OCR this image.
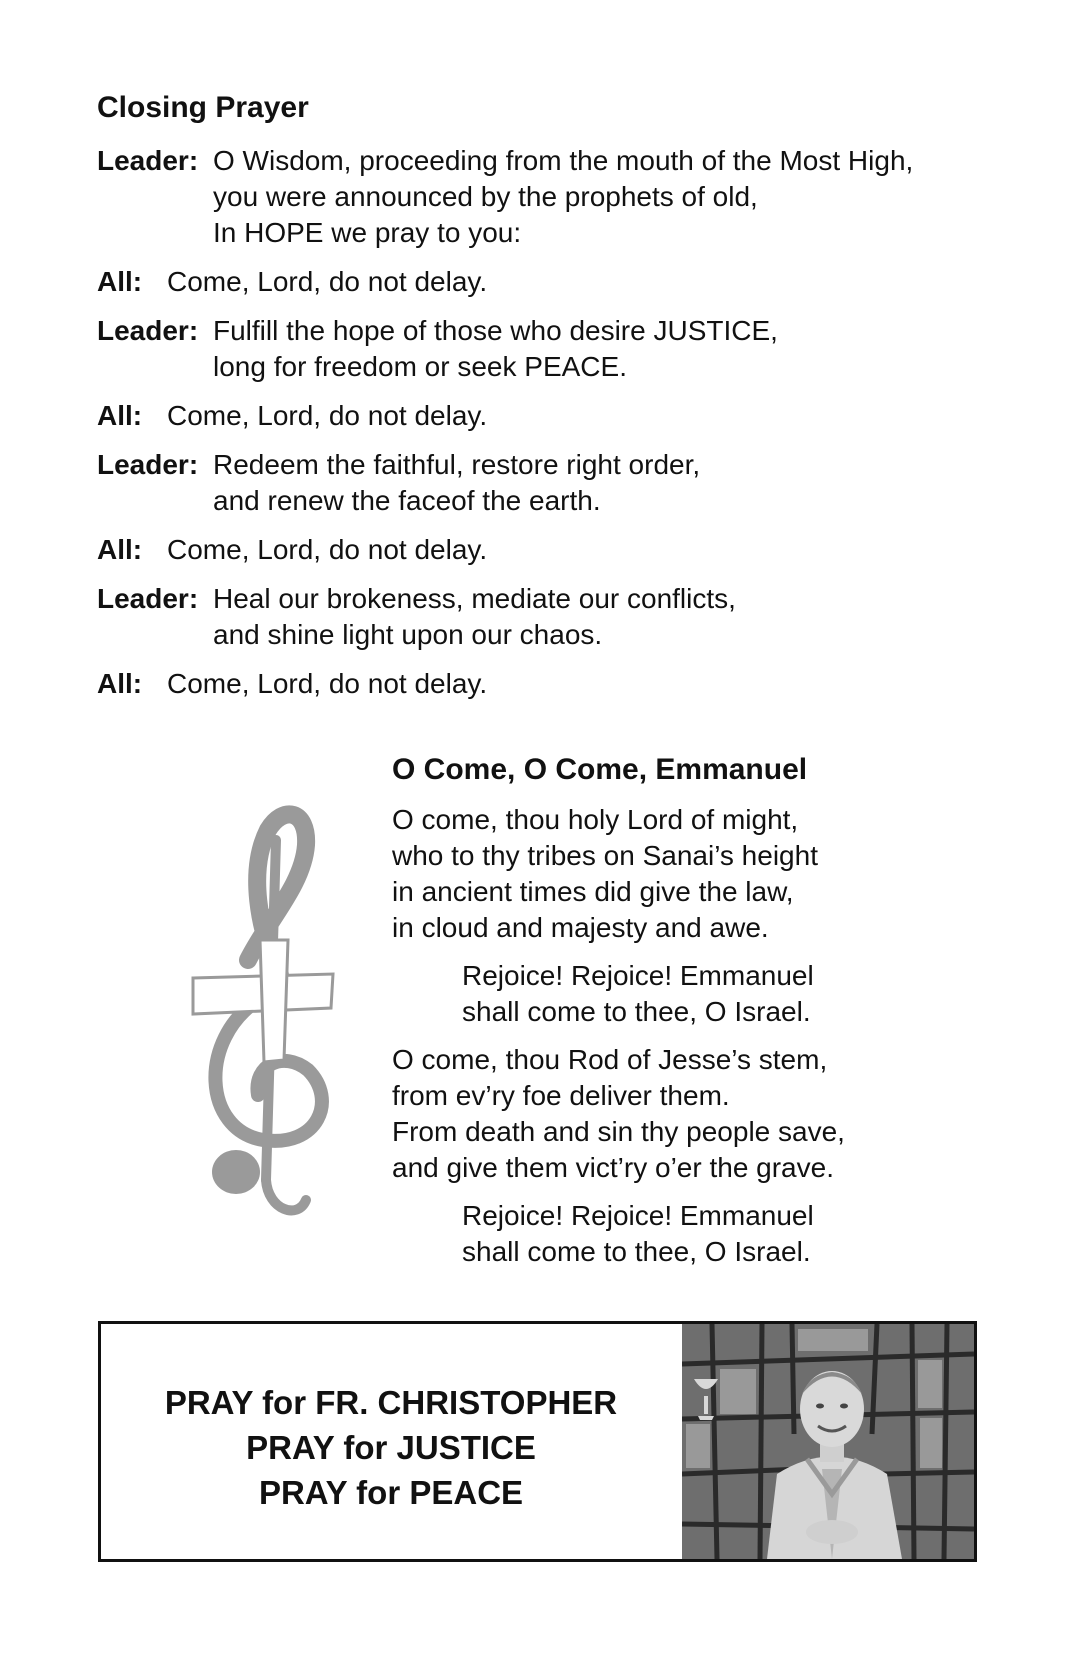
Closing Prayer
Leader: O Wisdom, proceeding from the mouth of the Most High,
you were announced by the prophets of old,
In HOPE we pray to you:
All: Come, Lord, do not delay.
Leader: Fulfill the hope of those who desire JUSTICE,
long for freedom or seek PEACE.
All: Come, Lord, do not delay.
Leader: Redeem the faithful, restore right order,
and renew the faceof the earth.
All: Come, Lord, do not delay.
Leader: Heal our brokeness, mediate our conflicts,
and shine light upon our chaos.
All: Come, Lord, do not delay.
O Come, O Come, Emmanuel
O come, thou holy Lord of might,
who to thy tribes on Sanai’s height
in ancient times did give the law,
in cloud and majesty and awe.
Rejoice! Rejoice! Emmanuel
shall come to thee, O Israel.
O come, thou Rod of Jesse’s stem,
from ev’ry foe deliver them.
From death and sin thy people save,
and give them vict’ry o’er the grave.
Rejoice! Rejoice! Emmanuel
shall come to thee, O Israel.
PRAY for FR. CHRISTOPHER
PRAY for JUSTICE
PRAY for PEACE
